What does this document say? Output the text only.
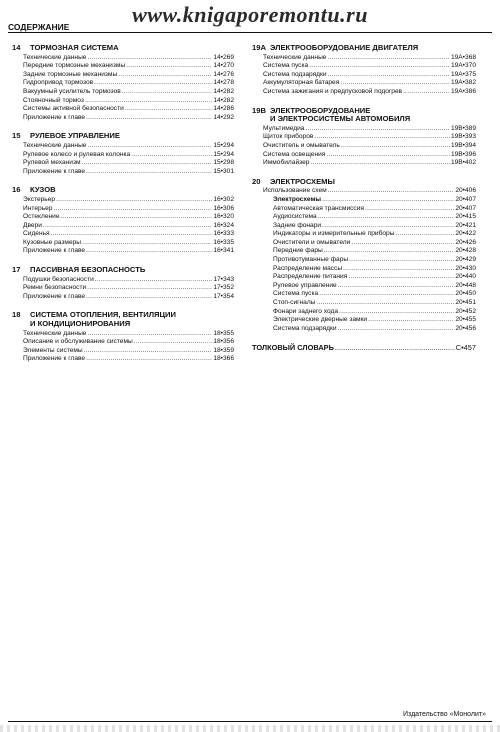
www.knigaporemontu.ru
СОДЕРЖАНИЕ
14	ТОРМОЗНАЯ СИСТЕМА
Технические данные .....	14•269
Передние тормозные механизмы .....	14•270
Задние тормозные механизмы .....	14•276
Гидропривод тормозов .....	14•278
Вакуумный усилитель тормозов .....	14•282
Стояночный тормоз .....	14•282
Системы активной безопасности .....	14•286
Приложение к главе .....	14•292
15	РУЛЕВОЕ УПРАВЛЕНИЕ
Технические данные .....	15•294
Рулевое колесо и рулевая колонка .....	15•294
Рулевой механизм .....	15•298
Приложение к главе .....	15•301
16	КУЗОВ
Экстерьер .....	16•302
Интерьер .....	16•306
Остекление .....	16•320
Двери .....	16•324
Сиденья .....	16•333
Кузовные размеры .....	16•335
Приложение к главе .....	16•341
17	ПАССИВНАЯ БЕЗОПАСНОСТЬ
Подушки безопасности .....	17•343
Ремни безопасности .....	17•352
Приложение к главе .....	17•354
18	СИСТЕМА ОТОПЛЕНИЯ, ВЕНТИЛЯЦИИ
И КОНДИЦИОНИРОВАНИЯ
Технические данные .....	18•355
Описание и обслуживание системы .....	18•356
Элементы системы .....	18•359
Приложение к главе .....	18•366
19A ЭЛЕКТРООБОРУДОВАНИЕ ДВИГАТЕЛЯ
Технические данные .....	19A•368
Система пуска .....	19A•370
Система подзарядки .....	19A•375
Аккумуляторная батарея .....	19A•382
Система зажигания и предпусковой подогрев .....	19A•386
19B ЭЛЕКТРООБОРУДОВАНИЕ
И ЭЛЕКТРОСИСТЕМЫ АВТОМОБИЛЯ
Мультимедиа .....	19B•389
Щиток приборов .....	19B•393
Очиститель и омыватель .....	19B•394
Система освещения .....	19B•396
Иммобилайзер .....	19B•402
20	ЭЛЕКТРОСХЕМЫ
Использование схем .....	20•406
Электросхемы .....	20•407
Автоматическая трансмиссия .....	20•407
Аудиосистема .....	20•415
Задние фонари .....	20•421
Индикаторы и измерительные приборы .....	20•422
Очистители и омыватели .....	20•426
Передние фары .....	20•428
Противотуманные фары .....	20•429
Распределение массы .....	20•430
Распределение питания .....	20•440
Рулевое управление .....	20•448
Система пуска .....	20•450
Стоп-сигналы .....	20•451
Фонари заднего хода .....	20•452
Электрические дверные замки .....	20•455
Система подзарядки .....	20•456
ТОЛКОВЫЙ СЛОВАРЬ .....	С•457
Издательство «Монолит»
